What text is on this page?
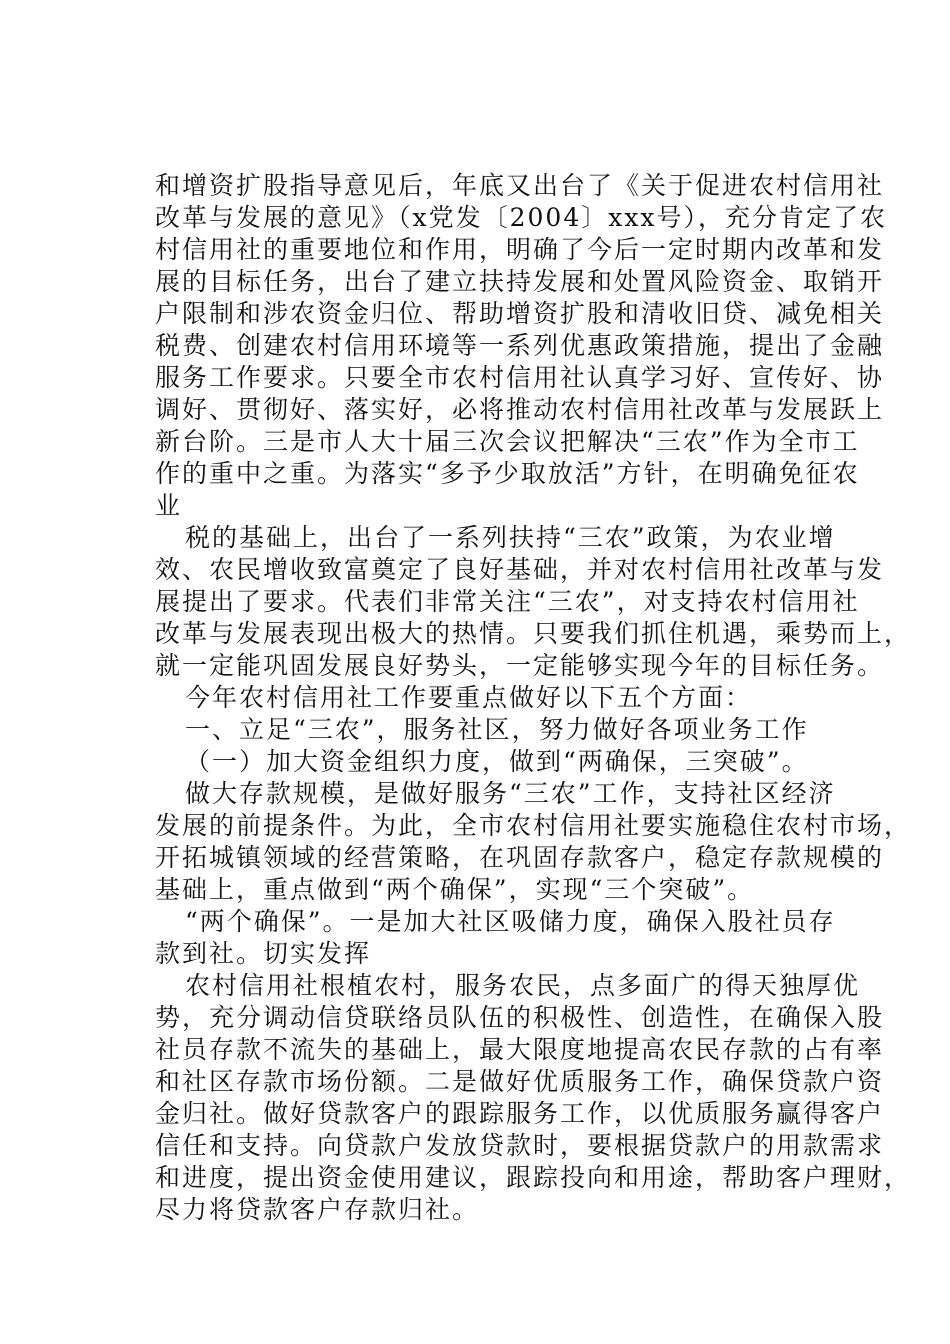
和增资扩股指导意见后，年底又出台了《关于促进农村信用社
改革与发展的意见》（x党发〔2004〕xxx号），充分肯定了农
村信用社的重要地位和作用，明确了今后一定时期内改革和发
展的目标任务，出台了建立扶持发展和处置风险资金、取销开
户限制和涉农资金归位、帮助增资扩股和清收旧贷、减免相关
税费、创建农村信用环境等一系列优惠政策措施，提出了金融
服务工作要求。只要全市农村信用社认真学习好、宣传好、协
调好、贯彻好、落实好，必将推动农村信用社改革与发展跃上
新台阶。三是市人大十届三次会议把解决“三农”作为全市工
作的重中之重。为落实“多予少取放活”方针，在明确免征农
业
税的基础上，出台了一系列扶持“三农”政策，为农业增
效、农民增收致富奠定了良好基础，并对农村信用社改革与发
展提出了要求。代表们非常关注“三农”，对支持农村信用社
改革与发展表现出极大的热情。只要我们抓住机遇，乘势而上，
就一定能巩固发展良好势头，一定能够实现今年的目标任务。
今年农村信用社工作要重点做好以下五个方面：
一、立足“三农”，服务社区，努力做好各项业务工作
（一）加大资金组织力度，做到“两确保，三突破”。
做大存款规模，是做好服务“三农”工作，支持社区经济
发展的前提条件。为此，全市农村信用社要实施稳住农村市场，
开拓城镇领域的经营策略，在巩固存款客户，稳定存款规模的
基础上，重点做到“两个确保”，实现“三个突破”。
“两个确保”。一是加大社区吸储力度，确保入股社员存
款到社。切实发挥
农村信用社根植农村，服务农民，点多面广的得天独厚优
势，充分调动信贷联络员队伍的积极性、创造性，在确保入股
社员存款不流失的基础上，最大限度地提高农民存款的占有率
和社区存款市场份额。二是做好优质服务工作，确保贷款户资
金归社。做好贷款客户的跟踪服务工作，以优质服务赢得客户
信任和支持。向贷款户发放贷款时，要根据贷款户的用款需求
和进度，提出资金使用建议，跟踪投向和用途，帮助客户理财，
尽力将贷款客户存款归社。
